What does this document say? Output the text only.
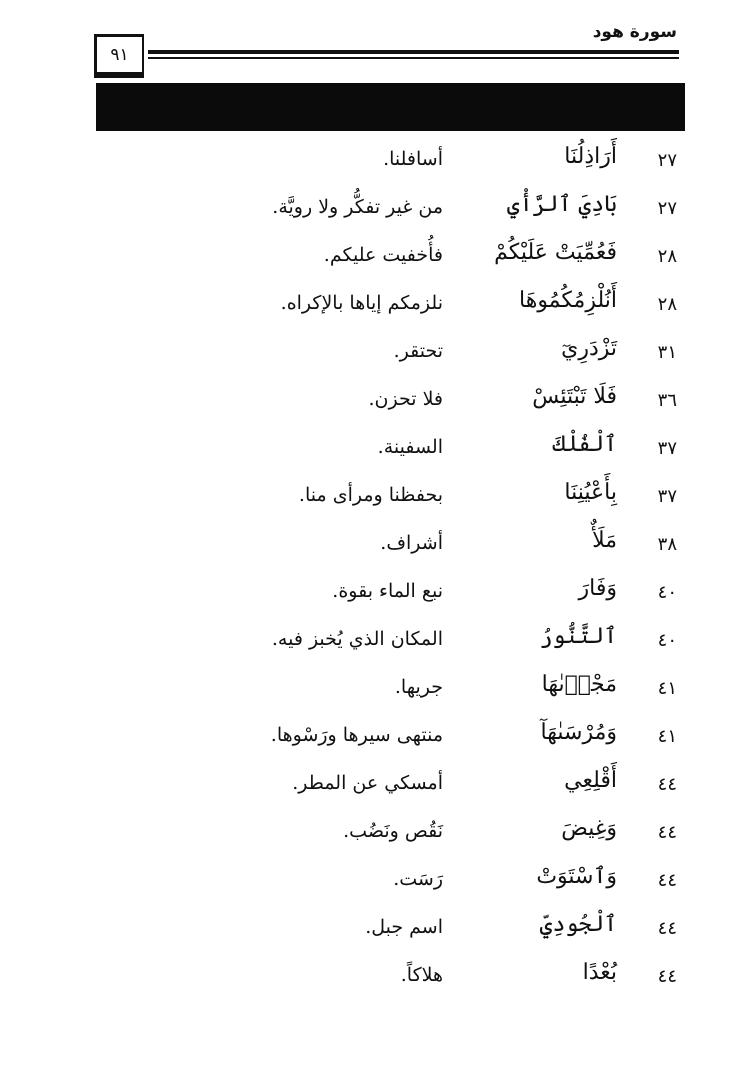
سورة هود
٩١
٢٧
أَرَاذِلُنَا
أسافلنا.
٢٧
بَادِيَ ٱلرَّأْيِ
من غير تفكُّر ولا رويَّة.
٢٨
فَعُمِّيَتْ عَلَيْكُمْ
فأُخفيت عليكم.
٢٨
أَنُلْزِمُكُمُوهَا
نلزمكم إياها بالإكراه.
٣١
تَزْدَرِيٓ
تحتقر.
٣٦
فَلَا تَبْتَئِسْ
فلا تحزن.
٣٧
ٱلْفُلْكَ
السفينة.
٣٧
بِأَعْيُنِنَا
بحفظنا ومرأى منا.
٣٨
مَلَأٌ
أشراف.
٤٠
وَفَارَ
نبع الماء بقوة.
٤٠
ٱلتَّنُّورُ
المكان الذي يُخبز فيه.
٤١
مَجْرٜىٰهَا
جريها.
٤١
وَمُرْسَىٰهَآ
منتهى سيرها ورَسْوها.
٤٤
أَقْلِعِي
أمسكي عن المطر.
٤٤
وَغِيضَ
نَقُص ونَضُب.
٤٤
وَٱسْتَوَتْ
رَسَت.
٤٤
ٱلْجُودِيِّ
اسم جبل.
٤٤
بُعْدًا
هلاكاً.
